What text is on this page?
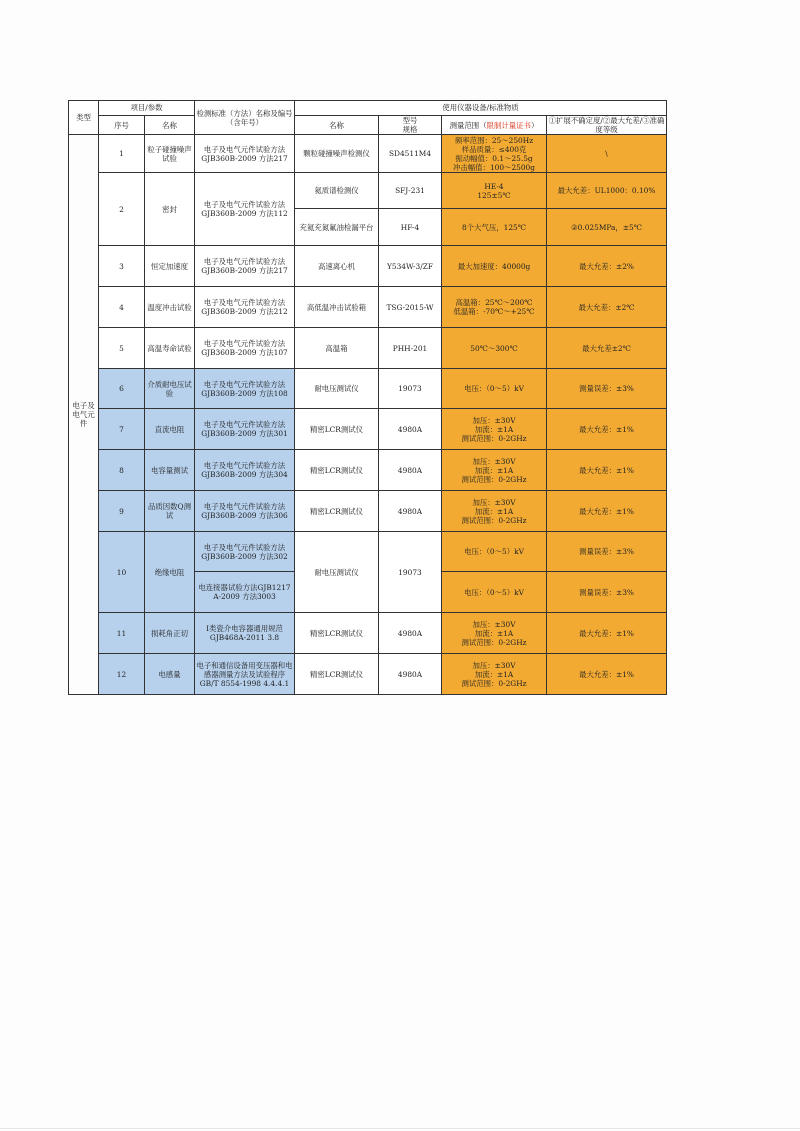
类型	项目/参数		检测标准（方法）名称及编号（含年号）	使用仪器设备/标准物质			
	序号	名称		名称	型号
规格	测量范围（限制计量证书）	①扩展不确定度/②最大允差/③准确度等级
电子及
电气元件	1	粒子碰撞噪声试验	电子及电气元件试验方法
GJB360B-2009 方法217	颗粒碰撞噪声检测仪	SD4511M4	频率范围：25～250Hz
样品质量：≤400克
振动幅值：0.1～25.5g
冲击幅值：100～2500g	\
	2	密封	电子及电气元件试验方法
GJB360B-2009 方法112	氦质谱检测仪	SFJ-231	HE-4
125±5℃	最大允差：UL1000：0.10%
				充氦充氮氟油检漏平台	HF-4	8个大气压，125℃	②0.025MPa，±5℃
	3	恒定加速度	电子及电气元件试验方法
GJB360B-2009 方法217	高速离心机	Y534W-3/ZF	最大加速度：40000g	最大允差：±2%
	4	温度冲击试验	电子及电气元件试验方法
GJB360B-2009 方法212	高低温冲击试验箱	TSG-2015-W	高温箱：25℃～200℃
低温箱：-70℃～+25℃	最大允差：±2℃
	5	高温寿命试验	电子及电气元件试验方法
GJB360B-2009 方法107	高温箱	PHH-201	50℃～300℃	最大允差±2℃
	6	介质耐电压试验	电子及电气元件试验方法
GJB360B-2009 方法108	耐电压测试仪	19073	电压：（0～5）kV	测量误差：±3%
	7	直流电阻	电子及电气元件试验方法
GJB360B-2009 方法301	精密LCR测试仪	4980A	加压：±30V
加流：±1A
测试范围：0-2GHz	最大允差：±1%
	8	电容量测试	电子及电气元件试验方法
GJB360B-2009 方法304	精密LCR测试仪	4980A	加压：±30V
加流：±1A
测试范围：0-2GHz	最大允差：±1%
	9	品质因数Q测试	电子及电气元件试验方法
GJB360B-2009 方法306	精密LCR测试仪	4980A	加压：±30V
加流：±1A
测试范围：0-2GHz	最大允差：±1%
	10	绝缘电阻	电子及电气元件试验方法
GJB360B-2009 方法302	耐电压测试仪	19073	电压：（0～5）kV	测量误差：±3%
			电连接器试验方法GJB1217A-2009 方法3003			电压：（0～5）kV	测量误差：±3%
	11	损耗角正切	I类瓷介电容器通用规范
GJB468A-2011 3.8	精密LCR测试仪	4980A	加压：±30V
加流：±1A
测试范围：0-2GHz	最大允差：±1%
	12	电感量	电子和通信设备用变压器和电感器测量方法及试验程序
GB/T 8554-1998 4.4.4.1	精密LCR测试仪	4980A	加压：±30V
加流：±1A
测试范围：0-2GHz	最大允差：±1%
